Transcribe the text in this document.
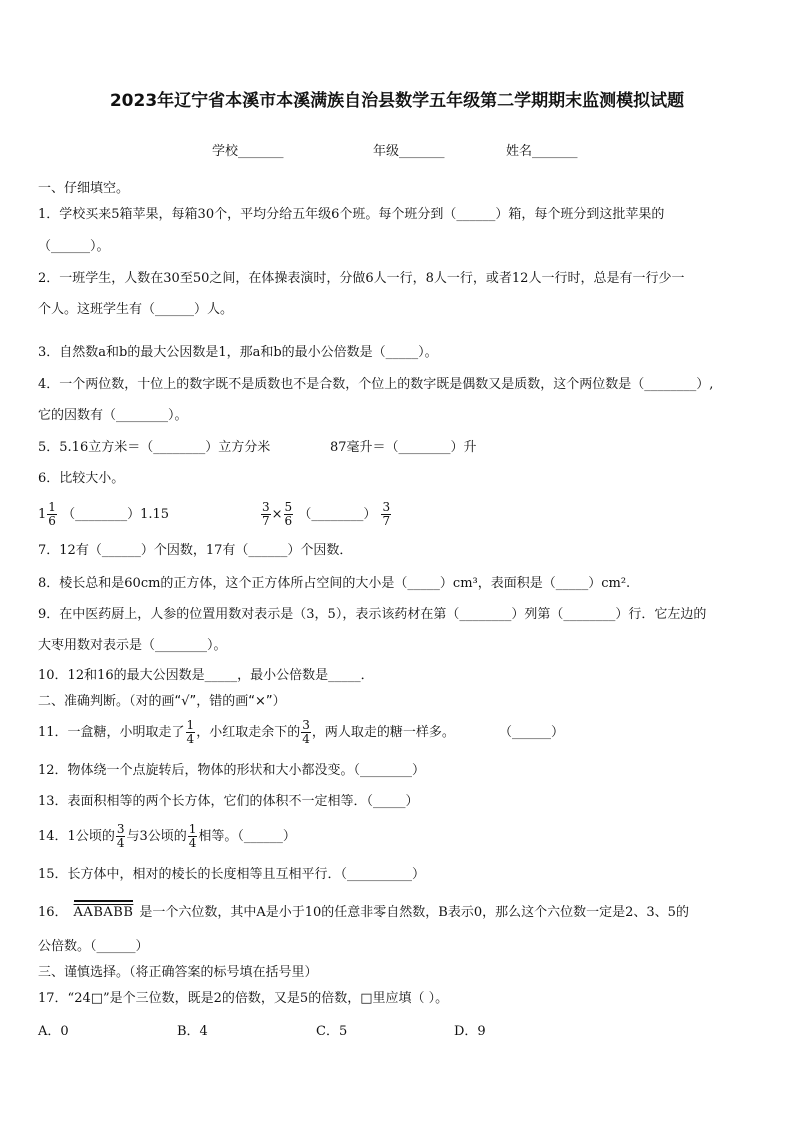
2023年辽宁省本溪市本溪满族自治县数学五年级第二学期期末监测模拟试题
学校_______	年级_______	姓名_______
一、仔细填空。
1．学校买来5箱苹果，每箱30个，平均分给五年级6个班。每个班分到（______）箱，每个班分到这批苹果的
（______）。
2．一班学生，人数在30至50之间，在体操表演时，分做6人一行，8人一行，或者12人一行时，总是有一行少一
个人。这班学生有（______）人。
3．自然数a和b的最大公因数是1，那a和b的最小公倍数是（_____）。
4．一个两位数，十位上的数字既不是质数也不是合数，个位上的数字既是偶数又是质数，这个两位数是（________）,
它的因数有（________）。
5．5.16立方米＝（________）立方分米	87毫升＝（________）升
6．比较大小。
$1 \frac{1}{6}$ （________）1.15	$\frac{3}{7} \times \frac{5}{6}$ （________） $\frac{3}{7}$
7．12有（______）个因数，17有（______）个因数．
8．棱长总和是60cm的正方体，这个正方体所占空间的大小是（_____）cm³，表面积是（_____）cm².
9．在中医药厨上，人参的位置用数对表示是（3，5），表示该药材在第（________）列第（________）行．它左边的
大枣用数对表示是（________）。
10．12和16的最大公因数是_____，最小公倍数是_____．
二、准确判断。（对的画“√”，错的画“×”）
11．一盒糖，小明取走了 $\frac{1}{4}$ ，小红取走余下的 $\frac{3}{4}$ ，两人取走的糖一样多。	（______）
12．物体绕一个点旋转后，物体的形状和大小都没变。（________）
13．表面积相等的两个长方体，它们的体积不一定相等．（_____）
14．1公顷的 $\frac{3}{4}$ 与3公顷的 $\frac{1}{4}$ 相等。（______）
15．长方体中，相对的棱长的长度相等且互相平行．（__________）
16． AABABB 是一个六位数，其中A是小于10的任意非零自然数，B表示0，那么这个六位数一定是2、3、5的
公倍数。（______）
三、谨慎选择。（将正确答案的标号填在括号里）
17．“24□”是个三位数，既是2的倍数，又是5的倍数，□里应填（ ）。
A．0	B．4	C．5	D．9
